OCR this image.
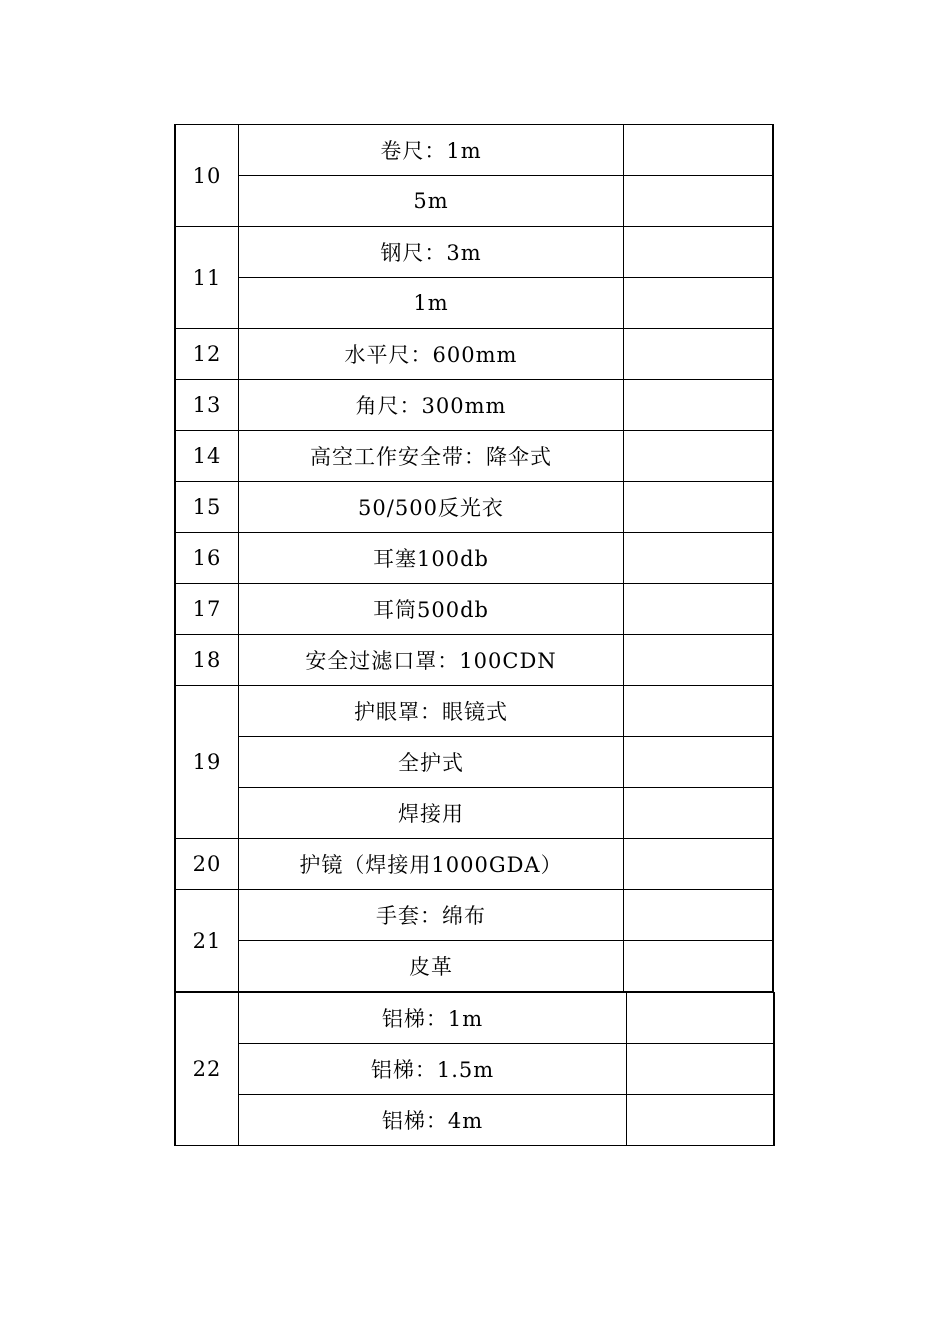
10	卷尺：1m	
	5m	
11	钢尺：3m	
	1m	
12	水平尺：600mm	
13	角尺：300mm	
14	高空工作安全带：降伞式	
15	50/500反光衣	
16	耳塞100db	
17	耳筒500db	
18	安全过滤口罩：100CDN	
19	护眼罩：眼镜式	
	全护式	
	焊接用	
20	护镜（焊接用1000GDA）	
21	手套：绵布	
	皮革	
22	铝梯：1m	
	铝梯：1.5m	
	铝梯：4m	
